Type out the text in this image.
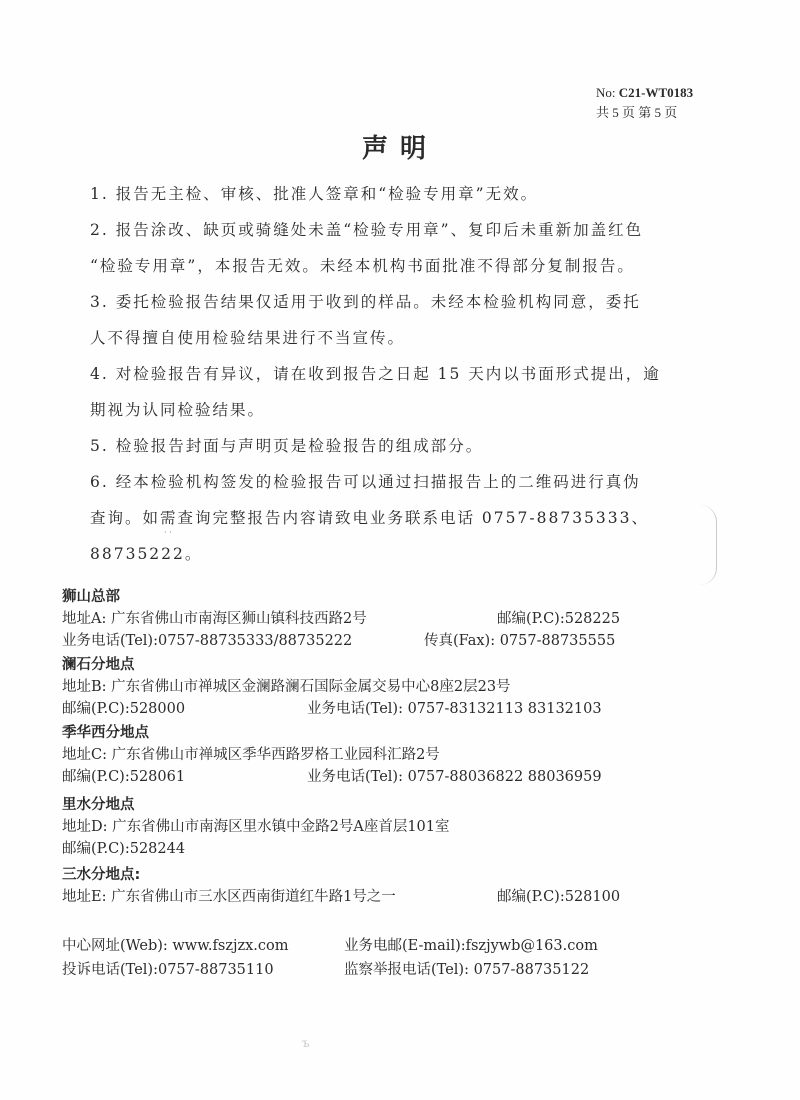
No: C21-WT0183
共 5 页 第 5 页
声明
1. 报告无主检、审核、批准人签章和“检验专用章”无效。
2. 报告涂改、缺页或骑缝处未盖“检验专用章”、复印后未重新加盖红色
“检验专用章”，本报告无效。未经本机构书面批准不得部分复制报告。
3. 委托检验报告结果仅适用于收到的样品。未经本检验机构同意，委托
人不得擅自使用检验结果进行不当宣传。
4. 对检验报告有异议，请在收到报告之日起 15 天内以书面形式提出，逾
期视为认同检验结果。
5. 检验报告封面与声明页是检验报告的组成部分。
6. 经本检验机构签发的检验报告可以通过扫描报告上的二维码进行真伪
查询。如需查询完整报告内容请致电业务联系电话 0757-88735333、
88735222。
· ·
狮山总部
地址A: 广东省佛山市南海区狮山镇科技西路2号	邮编(P.C):528225
业务电话(Tel):0757-88735333/88735222	传真(Fax): 0757-88735555
澜石分地点
地址B: 广东省佛山市禅城区金澜路澜石国际金属交易中心8座2层23号
邮编(P.C):528000	业务电话(Tel): 0757-83132113 83132103
季华西分地点
地址C: 广东省佛山市禅城区季华西路罗格工业园科汇路2号
邮编(P.C):528061	业务电话(Tel): 0757-88036822 88036959
里水分地点
地址D: 广东省佛山市南海区里水镇中金路2号A座首层101室
邮编(P.C):528244
三水分地点:
地址E: 广东省佛山市三水区西南街道红牛路1号之一	邮编(P.C):528100
中心网址(Web): www.fszjzx.com	业务电邮(E-mail):fszjywb@163.com
投诉电话(Tel):0757-88735110	监察举报电话(Tel): 0757-88735122
ъ
